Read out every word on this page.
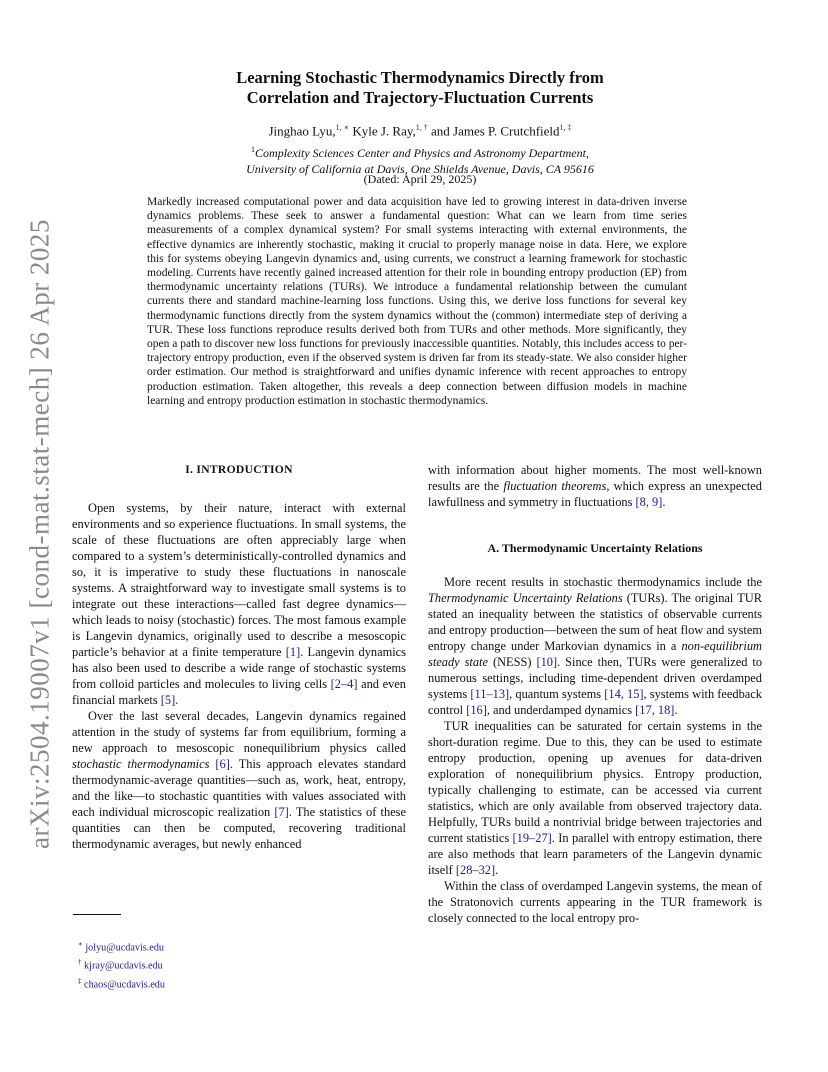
arXiv:2504.19007v1 [cond-mat.stat-mech] 26 Apr 2025
Learning Stochastic Thermodynamics Directly from
Correlation and Trajectory-Fluctuation Currents
Jinghao Lyu,$^{1, ∗}$ Kyle J. Ray,$^{1, \dagger}$ and James P. Crutchfield$^{1, \ddagger}$
$^1$Complexity Sciences Center and Physics and Astronomy Department,
University of California at Davis, One Shields Avenue, Davis, CA 95616
(Dated: April 29, 2025)
Markedly increased computational power and data acquisition have led to growing interest in data-driven inverse dynamics problems. These seek to answer a fundamental question: What can we learn from time series measurements of a complex dynamical system? For small systems interacting with external environments, the effective dynamics are inherently stochastic, making it crucial to properly manage noise in data. Here, we explore this for systems obeying Langevin dynamics and, using currents, we construct a learning framework for stochastic modeling. Currents have recently gained increased attention for their role in bounding entropy production (EP) from thermodynamic uncertainty relations (TURs). We introduce a fundamental relationship between the cumulant currents there and standard machine-learning loss functions. Using this, we derive loss functions for several key thermodynamic functions directly from the system dynamics without the (common) intermediate step of deriving a TUR. These loss functions reproduce results derived both from TURs and other methods. More significantly, they open a path to discover new loss functions for previously inaccessible quantities. Notably, this includes access to per-trajectory entropy production, even if the observed system is driven far from its steady-state. We also consider higher order estimation. Our method is straightforward and unifies dynamic inference with recent approaches to entropy production estimation. Taken altogether, this reveals a deep connection between diffusion models in machine learning and entropy production estimation in stochastic thermodynamics.
I. INTRODUCTION

Open systems, by their nature, interact with external environments and so experience fluctuations. In small systems, the scale of these fluctuations are often appreciably large when compared to a system’s deterministically-controlled dynamics and so, it is imperative to study these fluctuations in nanoscale systems. A straightforward way to investigate small systems is to integrate out these interactions—called fast degree dynamics—which leads to noisy (stochastic) forces. The most famous example is Langevin dynamics, originally used to describe a mesoscopic particle’s behavior at a finite temperature [1]. Langevin dynamics has also been used to describe a wide range of stochastic systems from colloid particles and molecules to living cells [2–4] and even financial markets [5].

Over the last several decades, Langevin dynamics regained attention in the study of systems far from equilibrium, forming a new approach to mesoscopic nonequilibrium physics called stochastic thermodynamics [6]. This approach elevates standard thermodynamic-average quantities—such as, work, heat, entropy, and the like—to stochastic quantities with values associated with each individual microscopic realization [7]. The statistics of these quantities can then be computed, recovering traditional thermodynamic averages, but newly enhanced

∗ jolyu@ucdavis.edu
† kjray@ucdavis.edu
‡ chaos@ucdavis.edu

with information about higher moments. The most well-known results are the fluctuation theorems, which express an unexpected lawfullness and symmetry in fluctuations [8, 9].

A. Thermodynamic Uncertainty Relations

More recent results in stochastic thermodynamics include the Thermodynamic Uncertainty Relations (TURs). The original TUR stated an inequality between the statistics of observable currents and entropy production—between the sum of heat flow and system entropy change under Markovian dynamics in a non-equilibrium steady state (NESS) [10]. Since then, TURs were generalized to numerous settings, including time-dependent driven overdamped systems [11–13], quantum systems [14, 15], systems with feedback control [16], and underdamped dynamics [17, 18].

TUR inequalities can be saturated for certain systems in the short-duration regime. Due to this, they can be used to estimate entropy production, opening up avenues for data-driven exploration of nonequilibrium physics. Entropy production, typically challenging to estimate, can be accessed via current statistics, which are only available from observed trajectory data. Helpfully, TURs build a nontrivial bridge between trajectories and current statistics [19–27]. In parallel with entropy estimation, there are also methods that learn parameters of the Langevin dynamic itself [28–32].

Within the class of overdamped Langevin systems, the mean of the Stratonovich currents appearing in the TUR framework is closely connected to the local entropy pro-
